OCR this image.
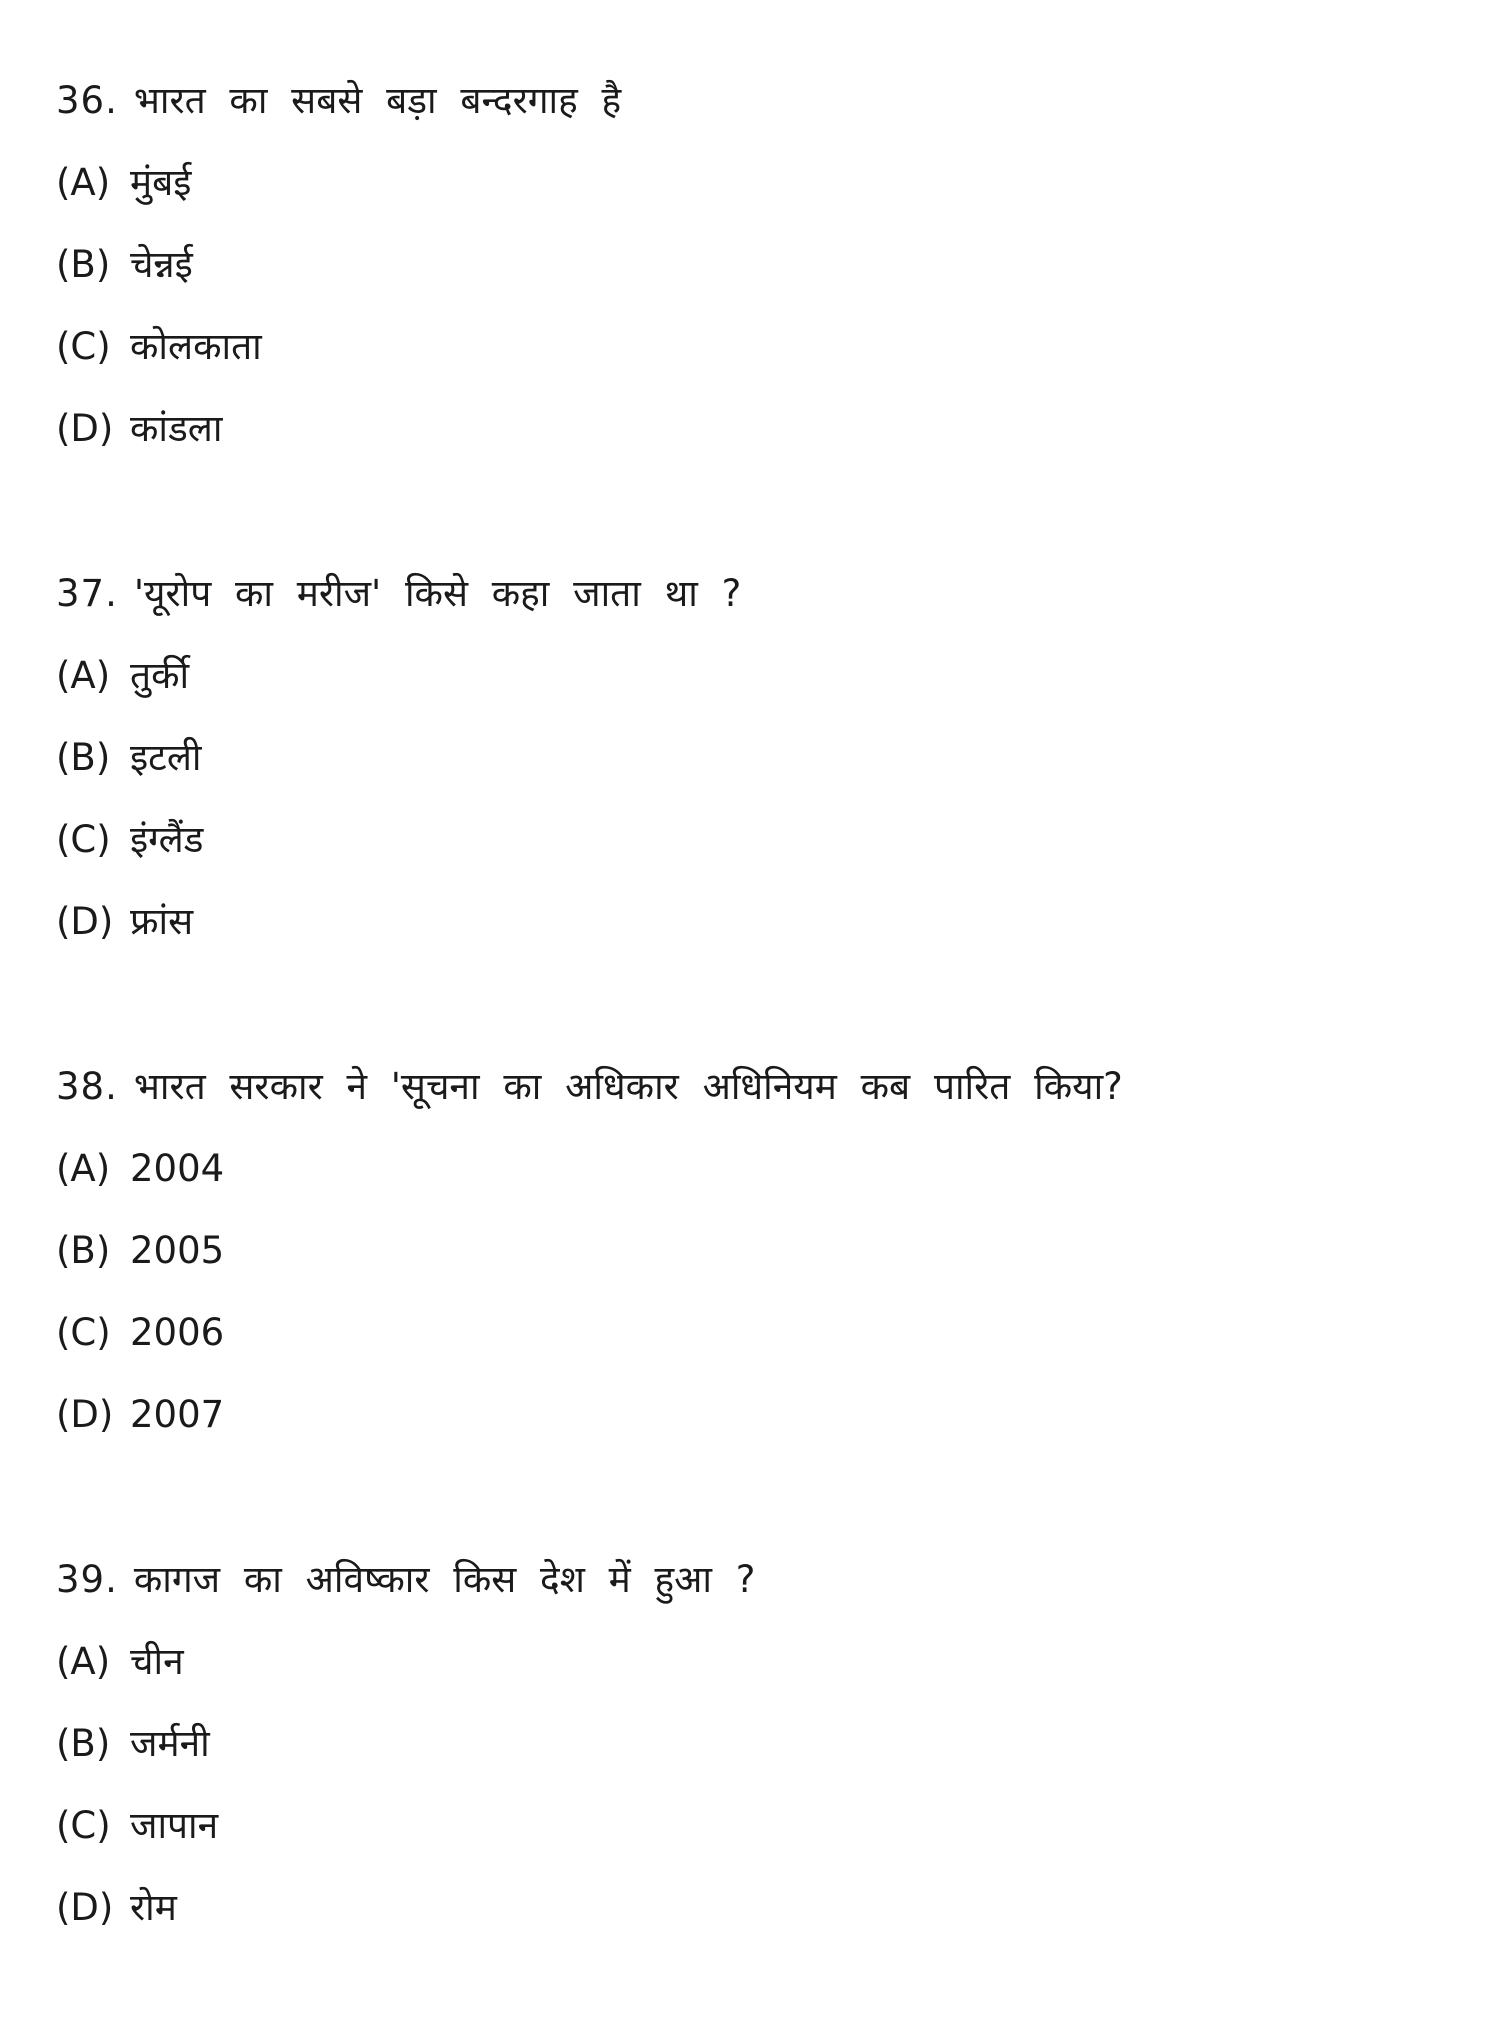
36. भारत का सबसे बड़ा बन्दरगाह है
(A) मुंबई
(B) चेन्नई
(C) कोलकाता
(D) कांडला
37. 'यूरोप का मरीज' किसे कहा जाता था ?
(A) तुर्की
(B) इटली
(C) इंग्लैंड
(D) फ्रांस
38. भारत सरकार ने 'सूचना का अधिकार अधिनियम कब पारित किया?
(A) 2004
(B) 2005
(C) 2006
(D) 2007
39. कागज का अविष्कार किस देश में हुआ ?
(A) चीन
(B) जर्मनी
(C) जापान
(D) रोम
